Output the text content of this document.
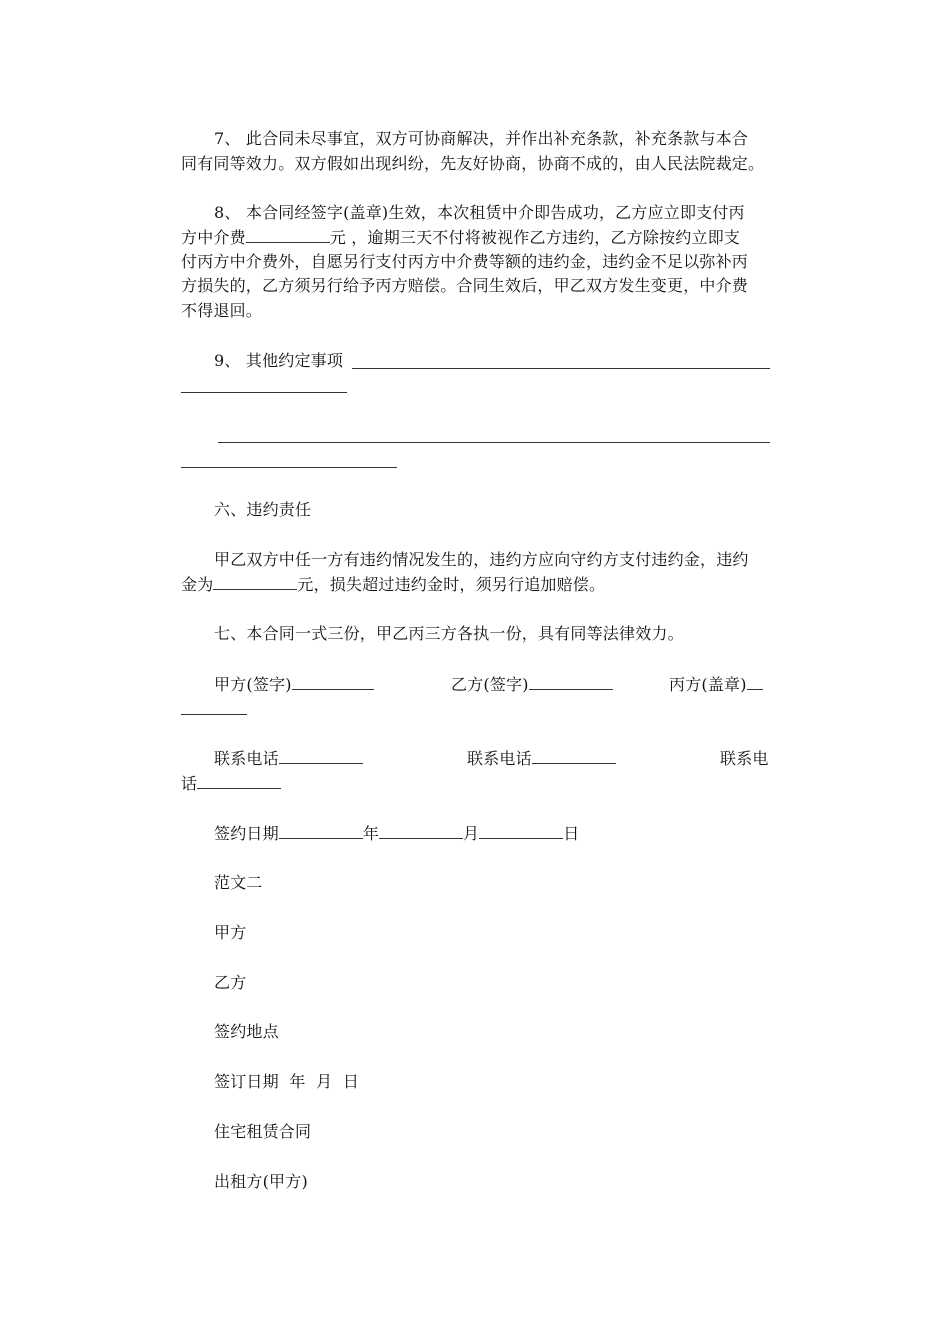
7、 此合同未尽事宜，双方可协商解决，并作出补充条款，补充条款与本合
同有同等效力。双方假如出现纠纷，先友好协商，协商不成的，由人民法院裁定。
8、 本合同经签字(盖章)生效，本次租赁中介即告成功，乙方应立即支付丙
方中介费	元 ，逾期三天不付将被视作乙方违约，乙方除按约立即支
付丙方中介费外，自愿另行支付丙方中介费等额的违约金，违约金不足以弥补丙
方损失的，乙方须另行给予丙方赔偿。合同生效后，甲乙双方发生变更，中介费
不得退回。
9、 其他约定事项
六、违约责任
甲乙双方中任一方有违约情况发生的，违约方应向守约方支付违约金，违约
金为	元，损失超过违约金时，须另行追加赔偿。
七、本合同一式三份，甲乙丙三方各执一份，具有同等法律效力。
甲方(签字)	乙方(签字)	丙方(盖章)
联系电话	联系电话	联系电
话
签约日期	年	月	日
范文二
甲方
乙方
签约地点
签订日期  年  月  日
住宅租赁合同
出租方(甲方)
